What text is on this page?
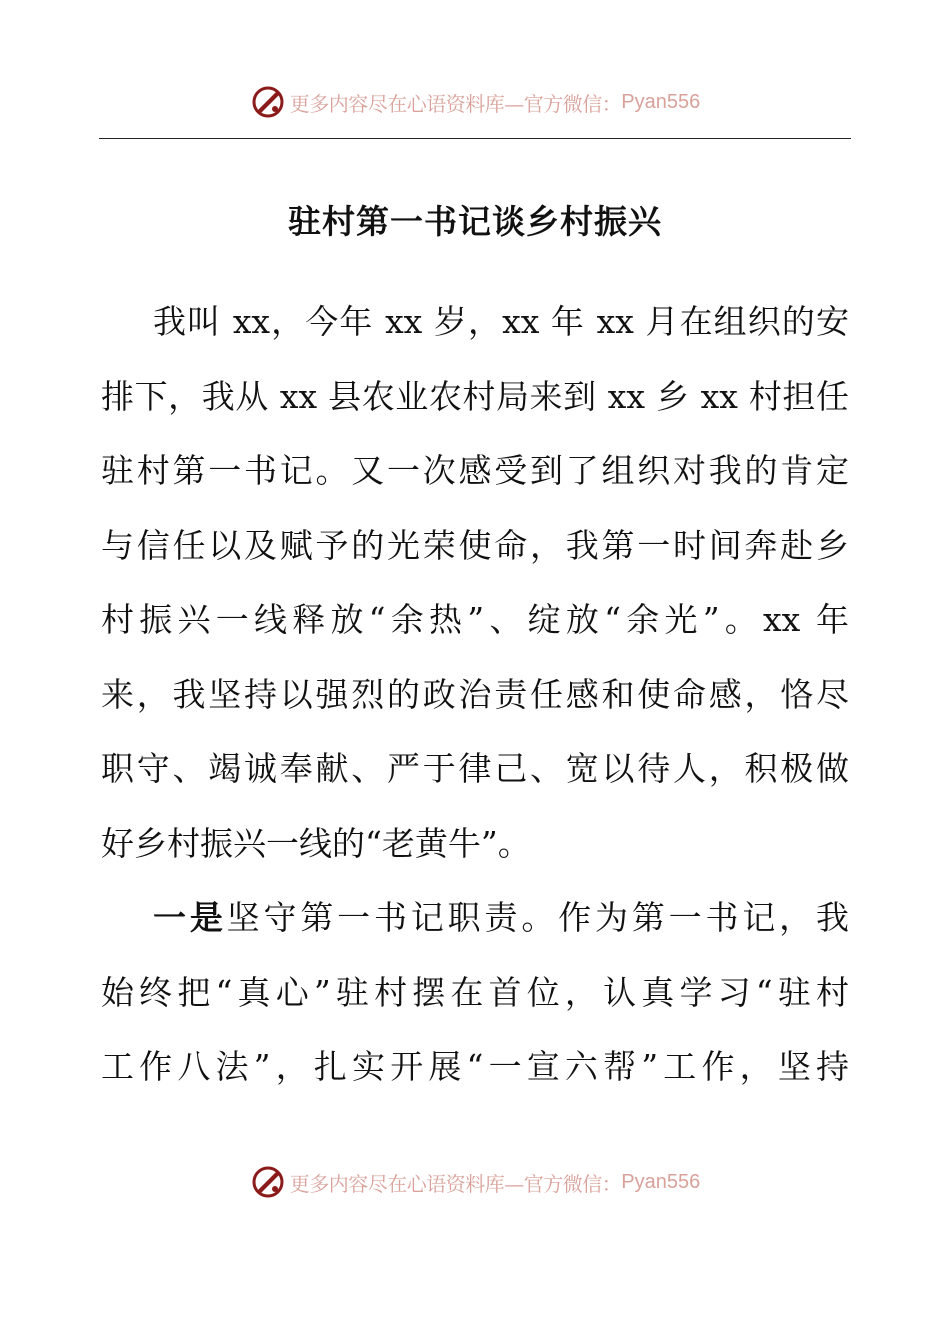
更多内容尽在心语资料库—官方微信： Pyan556
驻村第一书记谈乡村振兴
我叫 xx，今年 xx 岁，xx 年 xx 月在组织的安
排下，我从 xx 县农业农村局来到 xx 乡 xx 村担任
驻村第一书记。又一次感受到了组织对我的肯定
与信任以及赋予的光荣使命，我第一时间奔赴乡
村振兴一线释放“余热”、绽放“余光”。xx 年
来，我坚持以强烈的政治责任感和使命感，恪尽
职守、竭诚奉献、严于律己、宽以待人，积极做
好乡村振兴一线的“老黄牛”。
一是坚守第一书记职责。作为第一书记，我
始终把“真心”驻村摆在首位，认真学习“驻村
工作八法”，扎实开展“一宣六帮”工作，坚持
更多内容尽在心语资料库—官方微信： Pyan556
